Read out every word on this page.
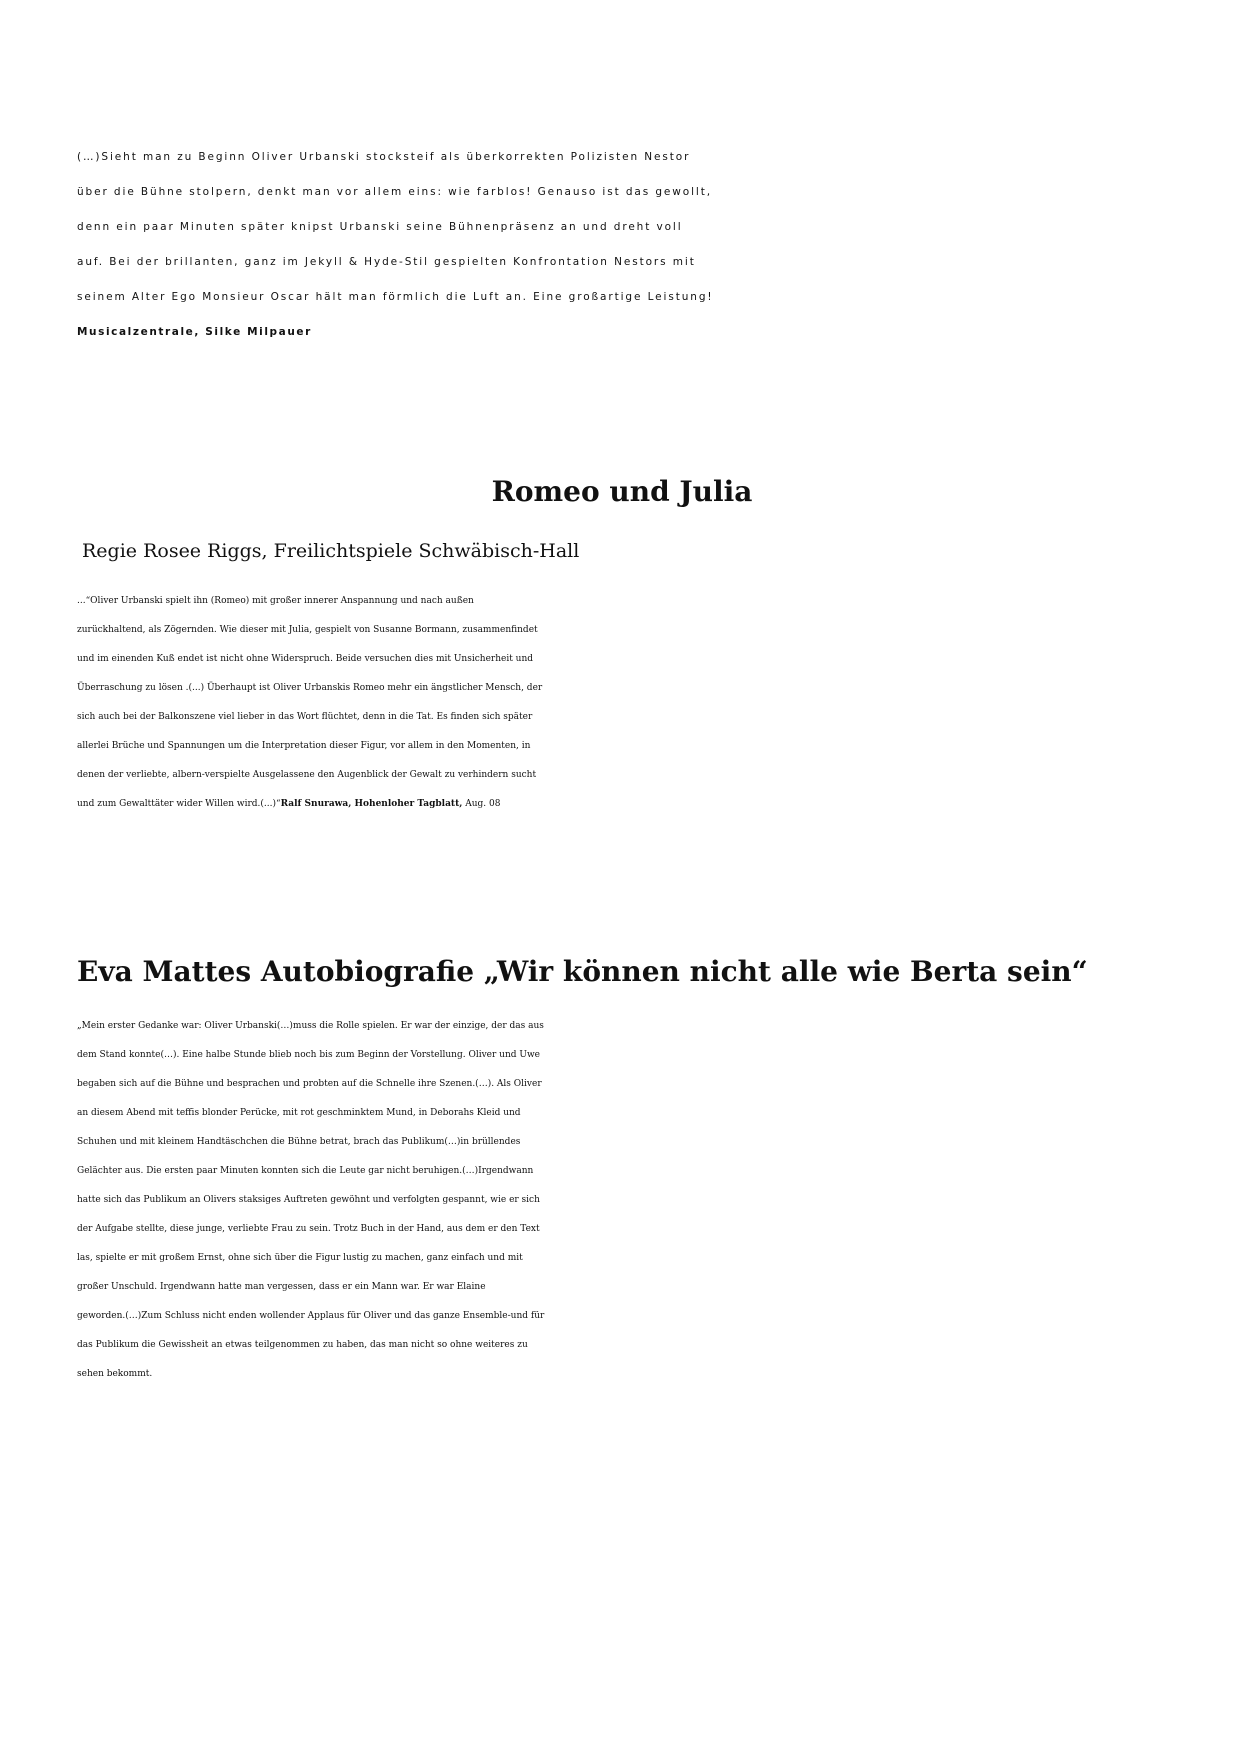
(…)Sieht man zu Beginn Oliver Urbanski stocksteif als überkorrekten Polizisten Nestor
über die Bühne stolpern, denkt man vor allem eins: wie farblos! Genauso ist das gewollt,
denn ein paar Minuten später knipst Urbanski seine Bühnenpräsenz an und dreht voll
auf. Bei der brillanten, ganz im Jekyll & Hyde-Stil gespielten Konfrontation Nestors mit
seinem Alter Ego Monsieur Oscar hält man förmlich die Luft an. Eine großartige Leistung!
Musicalzentrale, Silke Milpauer
Romeo und Julia
Regie Rosee Riggs, Freilichtspiele Schwäbisch-Hall
...“Oliver Urbanski spielt ihn (Romeo) mit großer innerer Anspannung und nach außen
zurückhaltend, als Zögernden. Wie dieser mit Julia, gespielt von Susanne Bormann, zusammenfindet
und im einenden Kuß endet ist nicht ohne Widerspruch. Beide versuchen dies mit Unsicherheit und
Überraschung zu lösen .(...) Überhaupt ist Oliver Urbanskis Romeo mehr ein ängstlicher Mensch, der
sich auch bei der Balkonszene viel lieber in das Wort flüchtet, denn in die Tat. Es finden sich später
allerlei Brüche und Spannungen um die Interpretation dieser Figur, vor allem in den Momenten, in
denen der verliebte, albern-verspielte Ausgelassene den Augenblick der Gewalt zu verhindern sucht
und zum Gewalttäter wider Willen wird.(...)“Ralf Snurawa, Hohenloher Tagblatt, Aug. 08
Eva Mattes Autobiografie „Wir können nicht alle wie Berta sein“
„Mein erster Gedanke war: Oliver Urbanski(…)muss die Rolle spielen. Er war der einzige, der das aus
dem Stand konnte(…). Eine halbe Stunde blieb noch bis zum Beginn der Vorstellung. Oliver und Uwe
begaben sich auf die Bühne und besprachen und probten auf die Schnelle ihre Szenen.(…). Als Oliver
an diesem Abend mit teffis blonder Perücke, mit rot geschminktem Mund, in Deborahs Kleid und
Schuhen und mit kleinem Handtäschchen die Bühne betrat, brach das Publikum(…)in brüllendes
Gelächter aus. Die ersten paar Minuten konnten sich die Leute gar nicht beruhigen.(…)Irgendwann
hatte sich das Publikum an Olivers staksiges Auftreten gewöhnt und verfolgten gespannt, wie er sich
der Aufgabe stellte, diese junge, verliebte Frau zu sein. Trotz Buch in der Hand, aus dem er den Text
las, spielte er mit großem Ernst, ohne sich über die Figur lustig zu machen, ganz einfach und mit
großer Unschuld. Irgendwann hatte man vergessen, dass er ein Mann war. Er war Elaine
geworden.(…)Zum Schluss nicht enden wollender Applaus für Oliver und das ganze Ensemble-und für
das Publikum die Gewissheit an etwas teilgenommen zu haben, das man nicht so ohne weiteres zu
sehen bekommt.
